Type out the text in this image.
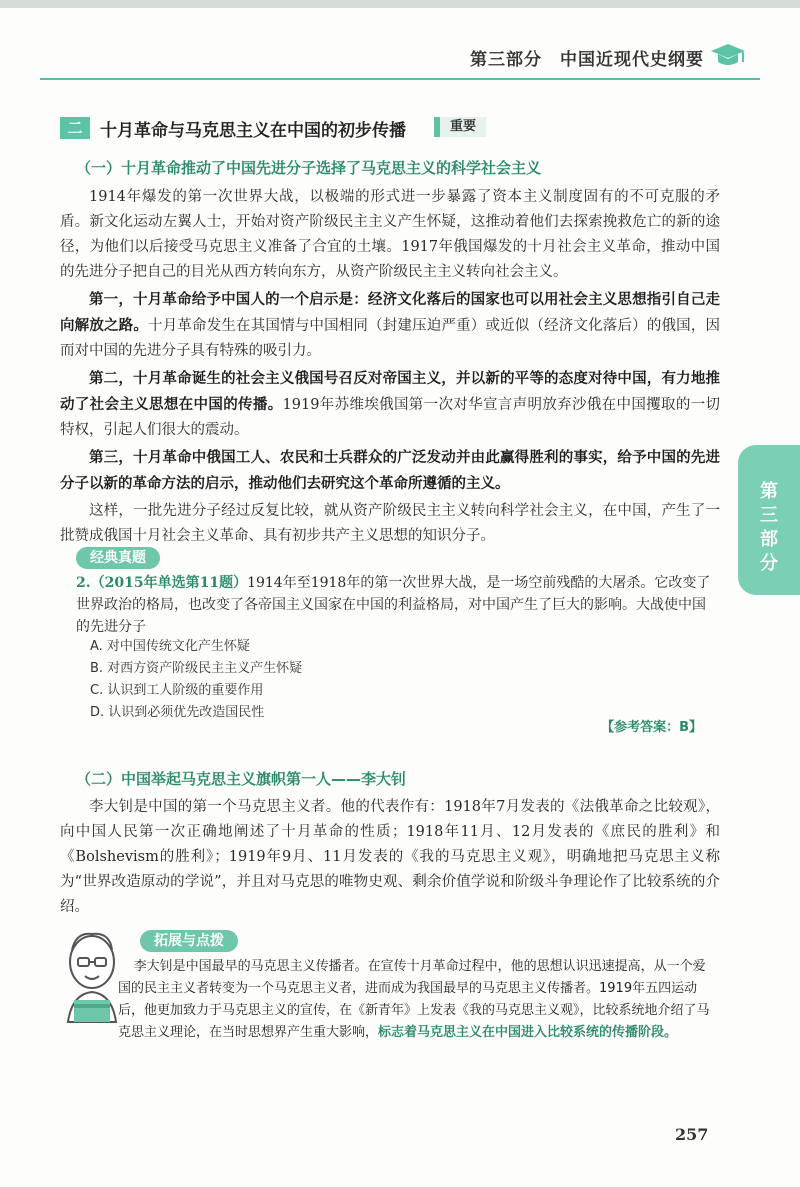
第三部分　中国近现代史纲要
二	十月革命与马克思主义在中国的初步传播	重要
（一）十月革命推动了中国先进分子选择了马克思主义的科学社会主义

1914年爆发的第一次世界大战，以极端的形式进一步暴露了资本主义制度固有的不可克服的矛盾。新文化运动左翼人士，开始对资产阶级民主主义产生怀疑，这推动着他们去探索挽救危亡的新的途径，为他们以后接受马克思主义准备了合宜的土壤。1917年俄国爆发的十月社会主义革命，推动中国的先进分子把自己的目光从西方转向东方，从资产阶级民主主义转向社会主义。

第一，十月革命给予中国人的一个启示是：经济文化落后的国家也可以用社会主义思想指引自己走向解放之路。十月革命发生在其国情与中国相同（封建压迫严重）或近似（经济文化落后）的俄国，因而对中国的先进分子具有特殊的吸引力。

第二，十月革命诞生的社会主义俄国号召反对帝国主义，并以新的平等的态度对待中国，有力地推动了社会主义思想在中国的传播。1919年苏维埃俄国第一次对华宣言声明放弃沙俄在中国攫取的一切特权，引起人们很大的震动。

第三，十月革命中俄国工人、农民和士兵群众的广泛发动并由此赢得胜利的事实，给予中国的先进分子以新的革命方法的启示，推动他们去研究这个革命所遵循的主义。

这样，一批先进分子经过反复比较，就从资产阶级民主主义转向科学社会主义，在中国，产生了一批赞成俄国十月社会主义革命、具有初步共产主义思想的知识分子。

第三部分
经典真题
2.（2015年单选第11题）1914年至1918年的第一次世界大战，是一场空前残酷的大屠杀。它改变了世界政治的格局，也改变了各帝国主义国家在中国的利益格局，对中国产生了巨大的影响。大战使中国的先进分子
A. 对中国传统文化产生怀疑
B. 对西方资产阶级民主主义产生怀疑
C. 认识到工人阶级的重要作用
D. 认识到必须优先改造国民性
【参考答案：B】
（二）中国举起马克思主义旗帜第一人——李大钊

李大钊是中国的第一个马克思主义者。他的代表作有：1918年7月发表的《法俄革命之比较观》，向中国人民第一次正确地阐述了十月革命的性质；1918年11月、12月发表的《庶民的胜利》和《Bolshevism的胜利》；1919年9月、11月发表的《我的马克思主义观》，明确地把马克思主义称为“世界改造原动的学说”，并且对马克思的唯物史观、剩余价值学说和阶级斗争理论作了比较系统的介绍。

拓展与点拨
李大钊是中国最早的马克思主义传播者。在宣传十月革命过程中，他的思想认识迅速提高，从一个爱国的民主主义者转变为一个马克思主义者，进而成为我国最早的马克思主义传播者。1919年五四运动后，他更加致力于马克思主义的宣传，在《新青年》上发表《我的马克思主义观》，比较系统地介绍了马克思主义理论，在当时思想界产生重大影响，标志着马克思主义在中国进入比较系统的传播阶段。
257
